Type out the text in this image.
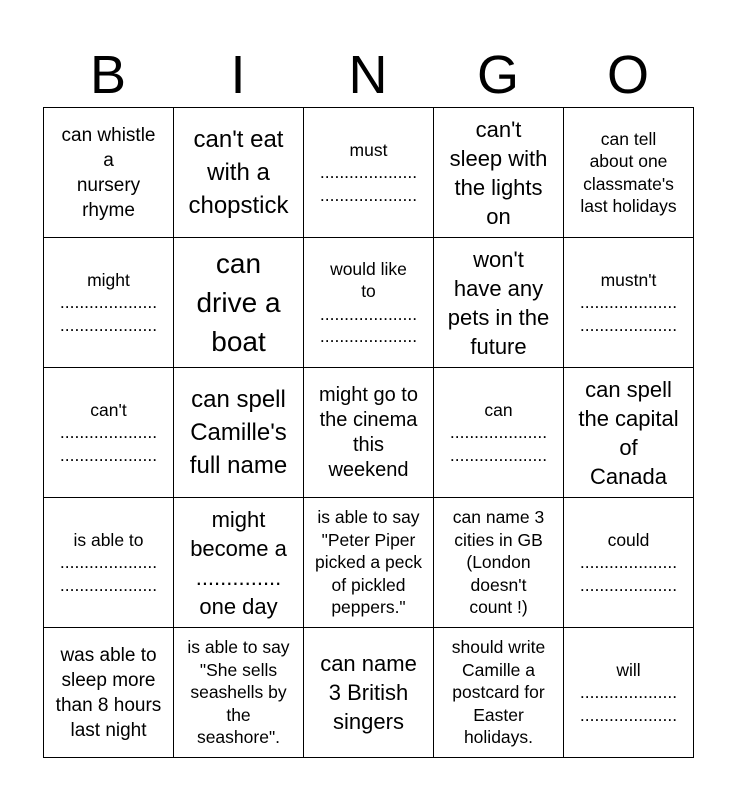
B	I	N	G	O
can whistle
a
nursery
rhyme	can't eat
with a
chopstick	must
....................
....................	can't
sleep with
the lights
on	can tell
about one
classmate's
last holidays

might
....................
....................	can
drive a
boat	would like
to
....................
....................	won't
have any
pets in the
future	mustn't
....................
....................

can't
....................
....................	can spell
Camille's
full name	might go to
the cinema
this
weekend	can
....................
....................	can spell
the capital
of
Canada

is able to
....................
....................	might
become a
..............
one day	is able to say
"Peter Piper
picked a peck
of pickled
peppers."	can name 3
cities in GB
(London
doesn't
count !)	could
....................
....................

was able to
sleep more
than 8 hours
last night	is able to say
"She sells
seashells by
the
seashore".	can name
3 British
singers	should write
Camille a
postcard for
Easter
holidays.	will
....................
....................
